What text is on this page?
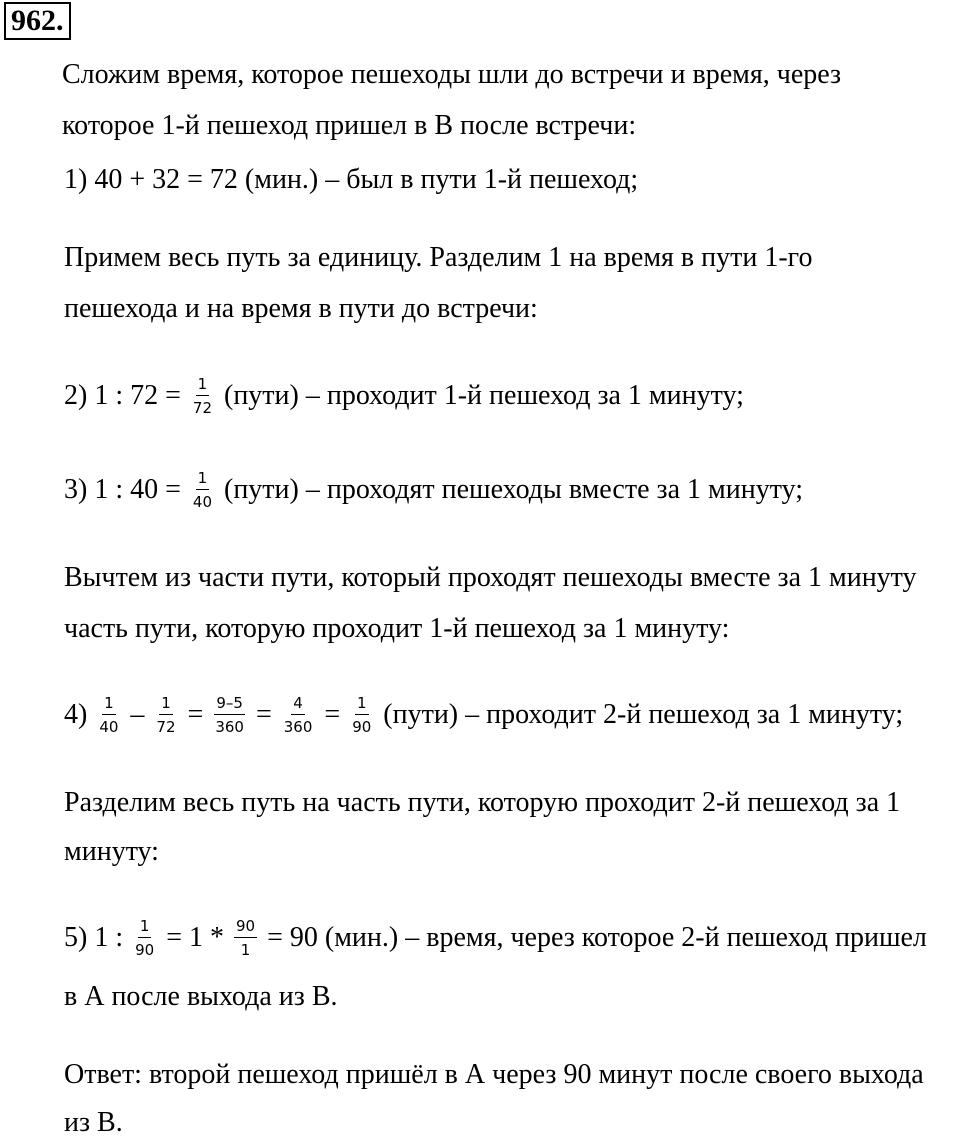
962.
Сложим время, которое пешеходы шли до встречи и время, через
которое 1-й пешеход пришел в В после встречи:
1) 40 + 32 = 72 (мин.) – был в пути 1-й пешеход;
Примем весь путь за единицу. Разделим 1 на время в пути 1-го
пешехода и на время в пути до встречи:
2) 1 : $72 = \frac{1}{72}$ (пути) – проходит 1-й пешеход за 1 минуту;
3) 1 : $40 = \frac{1}{40}$ (пути) – проходят пешеходы вместе за 1 минуту;
Вычтем из части пути, который проходят пешеходы вместе за 1 минуту
часть пути, которую проходит 1-й пешеход за 1 минуту:
$4) \frac{1}{40} - \frac{1}{72} = \frac{9-5}{360} = \frac{4}{360} = \frac{1}{90}$ (пути) – проходит 2-й пешеход за 1 минуту;
Разделим весь путь на часть пути, которую проходит 2-й пешеход за 1
минуту:
5) 1 : $\frac{1}{90} = 1 * \frac{90}{1} = 90$ (мин.) – время, через которое 2-й пешеход пришел
в А после выхода из В.
Ответ: второй пешеход пришёл в А через 90 минут после своего выхода
из В.
